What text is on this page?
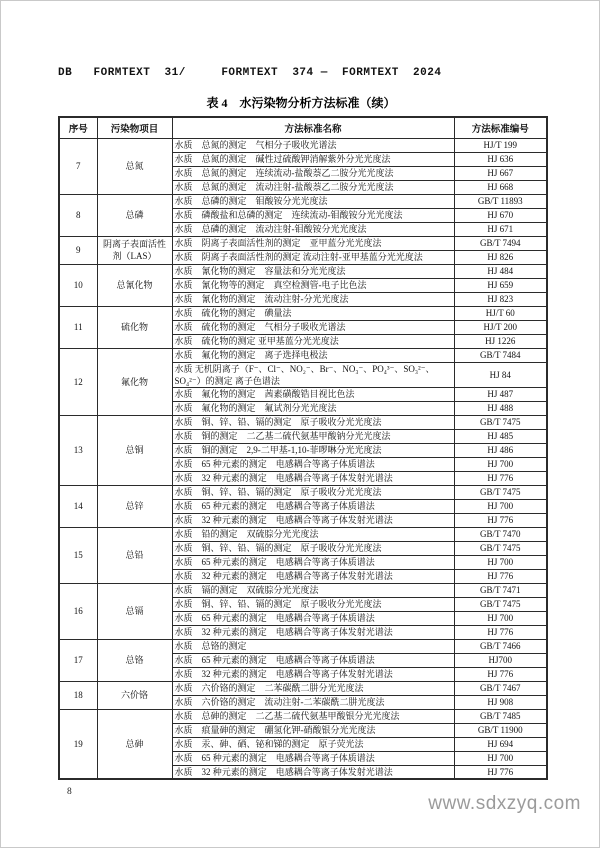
DB   FORMTEXT  31/     FORMTEXT  374 —  FORMTEXT  2024
表 4　水污染物分析方法标准（续）
序号	污染物项目	方法标准名称	方法标准编号
7	总氮	水质　总氮的测定　气相分子吸收光谱法	HJ/T 199
		水质　总氮的测定　碱性过硫酸钾消解紫外分光光度法	HJ 636
		水质　总氮的测定　连续流动-盐酸萘乙二胺分光光度法	HJ 667
		水质　总氮的测定　流动注射-盐酸萘乙二胺分光光度法	HJ 668
8	总磷	水质　总磷的测定　钼酸铵分光光度法	GB/T 11893
		水质　磷酸盐和总磷的测定　连续流动-钼酸铵分光光度法	HJ 670
		水质　总磷的测定　流动注射-钼酸铵分光光度法	HJ 671
9	阴离子表面活性剂（LAS）	水质　阴离子表面活性剂的测定　亚甲蓝分光光度法	GB/T 7494
		水质　阴离子表面活性剂的测定 流动注射-亚甲基蓝分光光度法	HJ 826
10	总氰化物	水质　氰化物的测定　容量法和分光光度法	HJ 484
		水质　氰化物等的测定　真空检测管-电子比色法	HJ 659
		水质　氰化物的测定　流动注射-分光光度法	HJ 823
11	硫化物	水质　硫化物的测定　碘量法	HJ/T 60
		水质　硫化物的测定　气相分子吸收光谱法	HJ/T 200
		水质　硫化物的测定 亚甲基蓝分光光度法	HJ 1226
12	氟化物	水质　氟化物的测定　离子选择电极法	GB/T 7484
		水质 无机阴离子（F⁻、Cl⁻、NO₂⁻、Br⁻、NO₃⁻、PO₄³⁻、SO₃²⁻、SO₄²⁻）的测定 离子色谱法	HJ 84
		水质　氟化物的测定　茜素磺酸锆目视比色法	HJ 487
		水质　氟化物的测定　氟试剂分光光度法	HJ 488
13	总铜	水质　铜、锌、铅、镉的测定　原子吸收分光光度法	GB/T 7475
		水质　铜的测定　二乙基二硫代氨基甲酸钠分光光度法	HJ 485
		水质　铜的测定　2,9-二甲基-1,10-菲啰啉分光光度法	HJ 486
		水质　65 种元素的测定　电感耦合等离子体质谱法	HJ 700
		水质　32 种元素的测定　电感耦合等离子体发射光谱法	HJ 776
14	总锌	水质　铜、锌、铅、镉的测定　原子吸收分光光度法	GB/T 7475
		水质　65 种元素的测定　电感耦合等离子体质谱法	HJ 700
		水质　32 种元素的测定　电感耦合等离子体发射光谱法	HJ 776
15	总铅	水质　铅的测定　双硫腙分光光度法	GB/T 7470
		水质　铜、锌、铅、镉的测定　原子吸收分光光度法	GB/T 7475
		水质　65 种元素的测定　电感耦合等离子体质谱法	HJ 700
		水质　32 种元素的测定　电感耦合等离子体发射光谱法	HJ 776
16	总镉	水质　镉的测定　双硫腙分光光度法	GB/T 7471
		水质　铜、锌、铅、镉的测定　原子吸收分光光度法	GB/T 7475
		水质　65 种元素的测定　电感耦合等离子体质谱法	HJ 700
		水质　32 种元素的测定　电感耦合等离子体发射光谱法	HJ 776
17	总铬	水质　总铬的测定	GB/T 7466
		水质　65 种元素的测定　电感耦合等离子体质谱法	HJ700
		水质　32 种元素的测定　电感耦合等离子体发射光谱法	HJ 776
18	六价铬	水质　六价铬的测定　二苯碳酰二肼分光光度法	GB/T 7467
		水质　六价铬的测定　流动注射-二苯碳酰二肼光度法	HJ 908
19	总砷	水质　总砷的测定　二乙基二硫代氨基甲酸银分光光度法	GB/T 7485
		水质　痕量砷的测定　硼氢化钾-硝酸银分光光度法	GB/T 11900
		水质　汞、砷、硒、铋和锑的测定　原子荧光法	HJ 694
		水质　65 种元素的测定　电感耦合等离子体质谱法	HJ 700
		水质　32 种元素的测定　电感耦合等离子体发射光谱法	HJ 776
8
www.sdxzyq.com
